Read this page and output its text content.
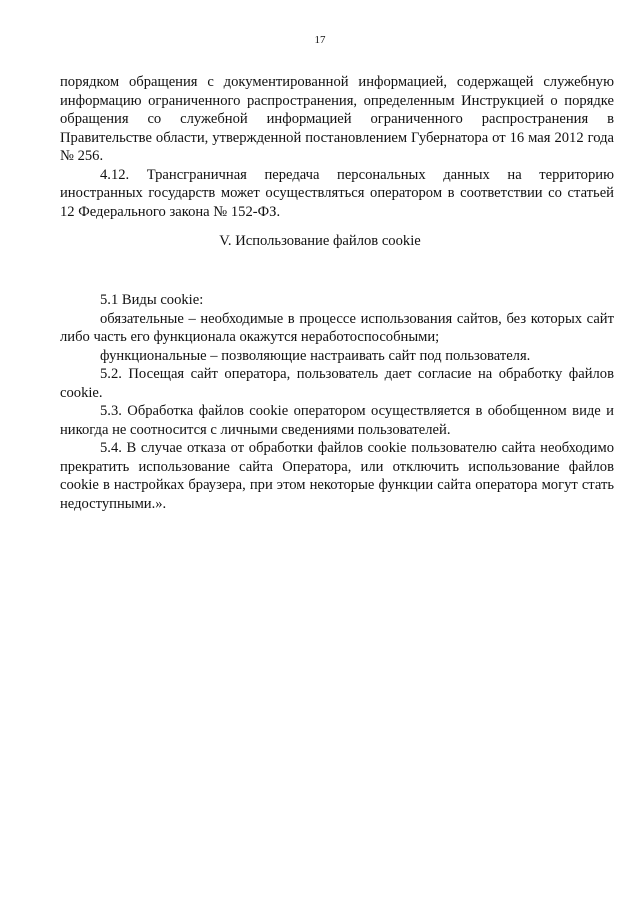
17

порядком обращения с документированной информацией, содержащей служебную информацию ограниченного распространения, определенным Инструкцией о порядке обращения со служебной информацией ограниченного распространения в Правительстве области, утвержденной постановлением Губернатора от 16 мая 2012 года № 256.

4.12. Трансграничная передача персональных данных на территорию иностранных государств может осуществляться оператором в соответствии со статьей 12 Федерального закона № 152-ФЗ.

V. Использование файлов cookie

5.1 Виды cookie:

обязательные – необходимые в процессе использования сайтов, без которых сайт либо часть его функционала окажутся неработоспособными;

функциональные – позволяющие настраивать сайт под пользователя.

5.2. Посещая сайт оператора, пользователь дает согласие на обработку файлов cookie.

5.3. Обработка файлов cookie оператором осуществляется в обобщенном виде и никогда не соотносится с личными сведениями пользователей.

5.4. В случае отказа от обработки файлов cookie пользователю сайта необходимо прекратить использование сайта Оператора, или отключить использование файлов cookie в настройках браузера, при этом некоторые функции сайта оператора могут стать недоступными.».
